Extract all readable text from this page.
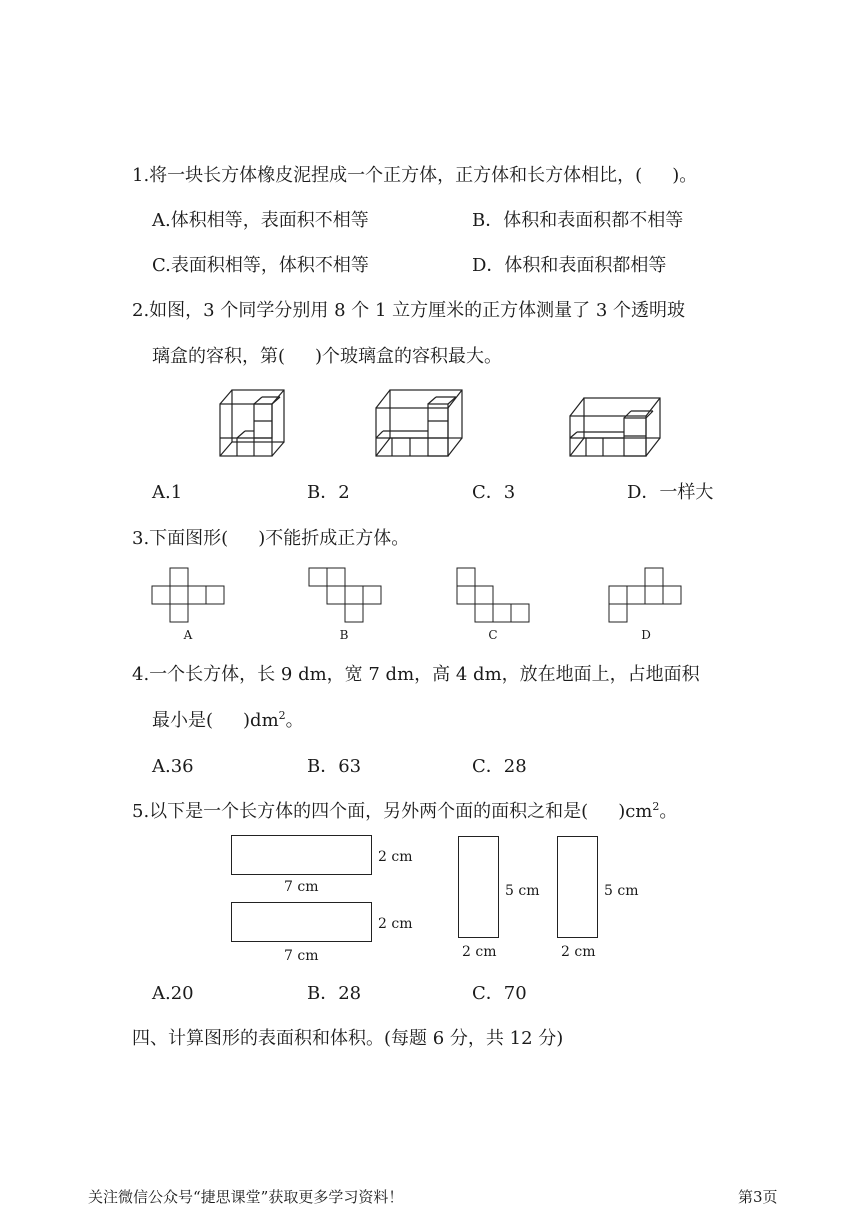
1.将一块长方体橡皮泥捏成一个正方体，正方体和长方体相比，( )。
A.体积相等，表面积不相等	B．体积和表面积都不相等
C.表面积相等，体积不相等	D．体积和表面积都相等
2.如图，3 个同学分别用 8 个 1 立方厘米的正方体测量了 3 个透明玻
璃盒的容积，第( )个玻璃盒的容积最大。
A.1	B．2	C．3	D．一样大
3.下面图形( )不能折成正方体。
A	B	C	D
4.一个长方体，长 9 dm，宽 7 dm，高 4 dm，放在地面上，占地面积
最小是( )$dm^2$。
A.36	B．63	C．28
5.以下是一个长方体的四个面，另外两个面的面积之和是( )$cm^2$。
2 cm
7 cm
2 cm
7 cm
5 cm
2 cm
5 cm
2 cm
A.20	B．28	C．70
四、计算图形的表面积和体积。(每题 6 分，共 12 分)
关注微信公众号“捷思课堂”获取更多学习资料！	第3页
